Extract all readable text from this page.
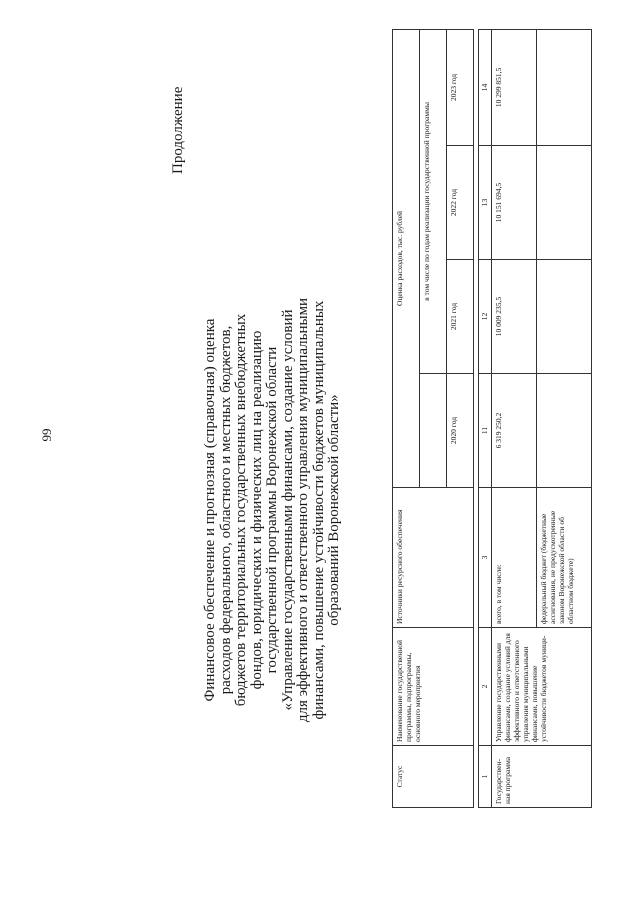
99
Продолжение
Финансовое обеспечение и прогнозная (справочная) оценка расходов федерального, областного и местных бюджетов, бюджетов территориальных государственных внебюджетных фондов, юридических и физических лиц на реализацию государственной программы Воронежской области «Управление государственными финансами, создание условий для эффективного и ответственного управления муниципальными финансами, повышение устойчивости бюджетов муниципальных образований Воронежской области»
Статус	Наименование государственной программы, подпрограммы, основного мероприятия	Источники ресурсного обеспечения	Оценка расходов, тыс. рублей			
				в том числе по годам реализации государственной программы		
			2020 год	2021 год	2022 год	2023 год

1	2	3	11	12	13	14
Государствен-ная программа	Управление государственными финансами, создание условий для эффективного и ответственного управления муниципальными финансами, повышение устойчивости бюджетов муници-	всего, в том числе:	6 319 250,2	10 009 235,5	10 151 694,5	10 299 851,5
		федеральный бюджет (бюджетные ассигнования, не предусмотренные законом Воронежской области об областном бюджете)				
